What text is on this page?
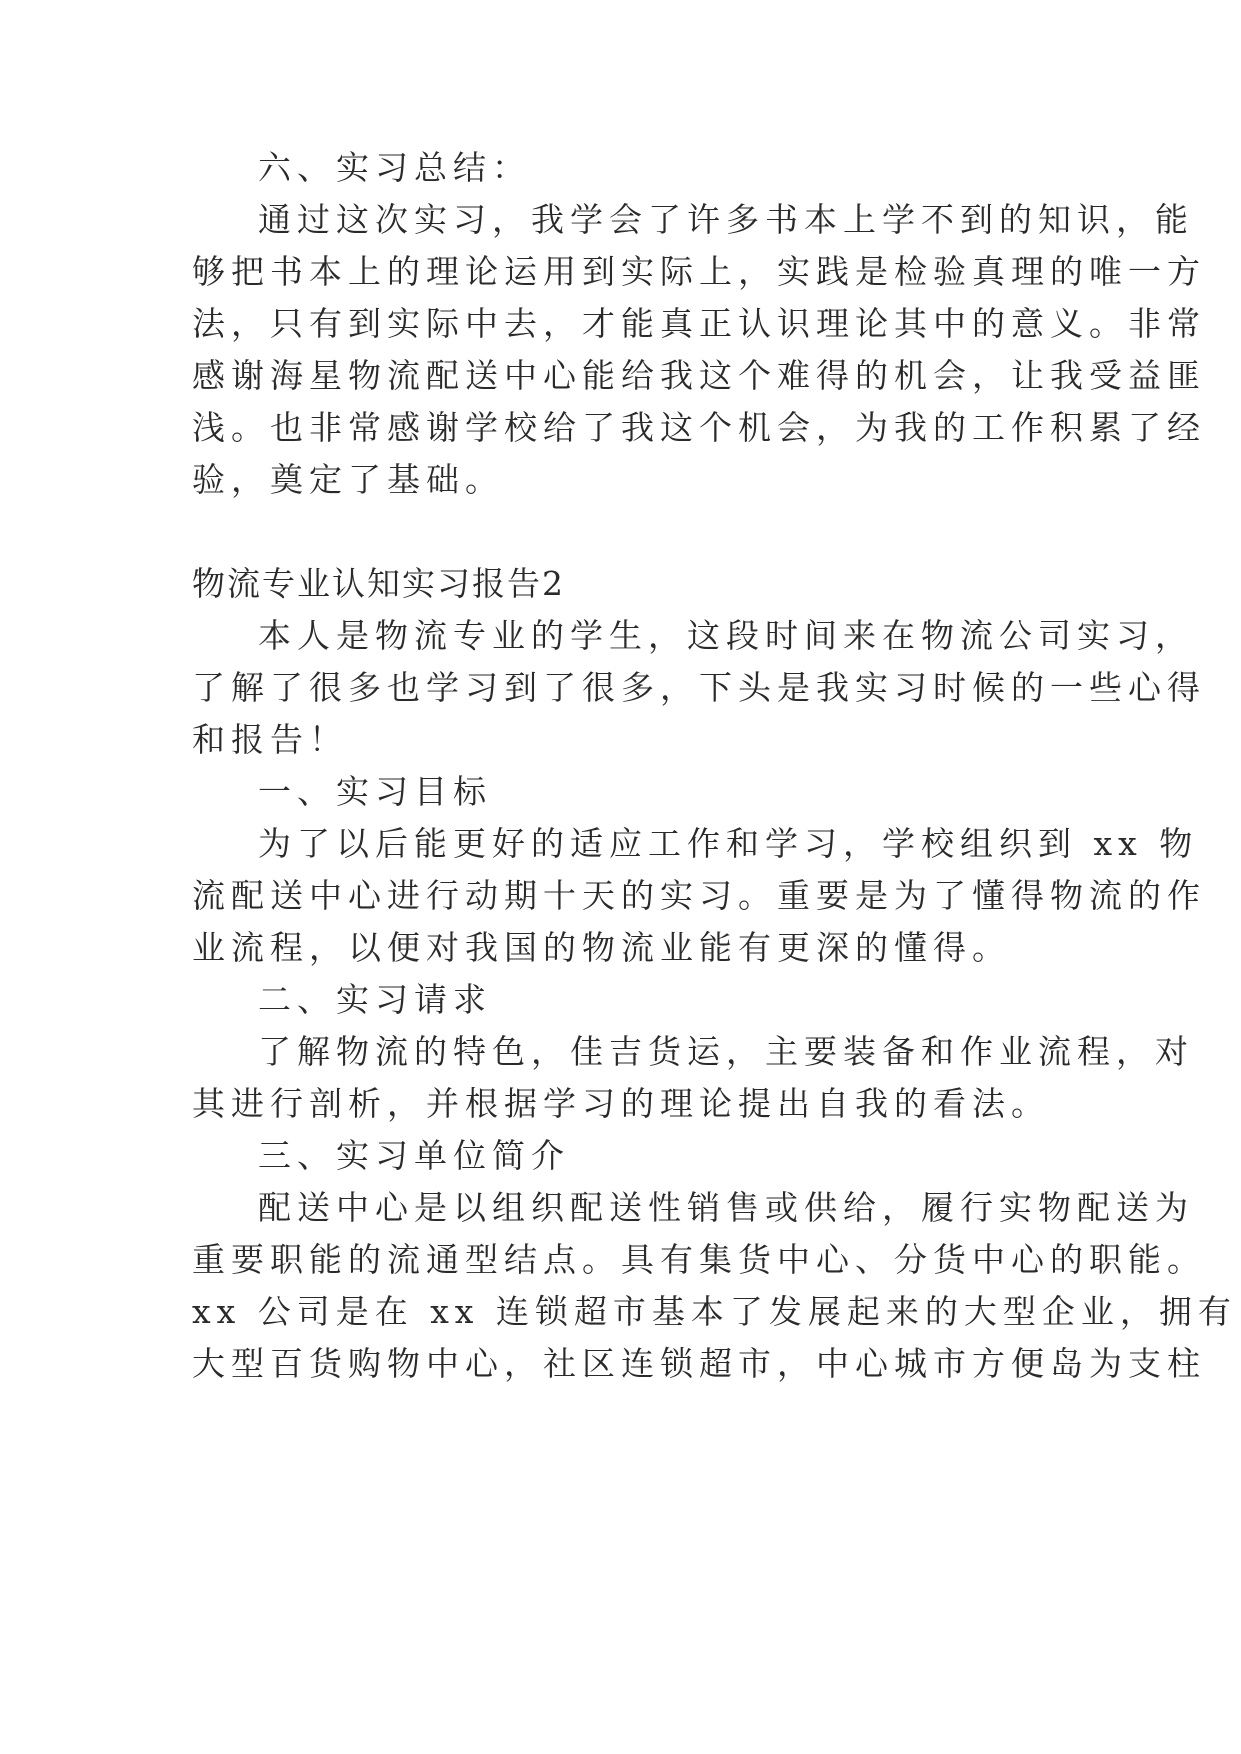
六、实习总结：
通过这次实习，我学会了许多书本上学不到的知识，能
够把书本上的理论运用到实际上，实践是检验真理的唯一方
法，只有到实际中去，才能真正认识理论其中的意义。非常
感谢海星物流配送中心能给我这个难得的机会，让我受益匪
浅。也非常感谢学校给了我这个机会，为我的工作积累了经
验，奠定了基础。
物流专业认知实习报告2
本人是物流专业的学生，这段时间来在物流公司实习，
了解了很多也学习到了很多，下头是我实习时候的一些心得
和报告！
一、实习目标
为了以后能更好的适应工作和学习，学校组织到 xx 物
流配送中心进行动期十天的实习。重要是为了懂得物流的作
业流程，以便对我国的物流业能有更深的懂得。
二、实习请求
了解物流的特色，佳吉货运，主要装备和作业流程，对
其进行剖析，并根据学习的理论提出自我的看法。
三、实习单位简介
配送中心是以组织配送性销售或供给，履行实物配送为
重要职能的流通型结点。具有集货中心、分货中心的职能。
xx 公司是在 xx 连锁超市基本了发展起来的大型企业，拥有
大型百货购物中心，社区连锁超市，中心城市方便岛为支柱
